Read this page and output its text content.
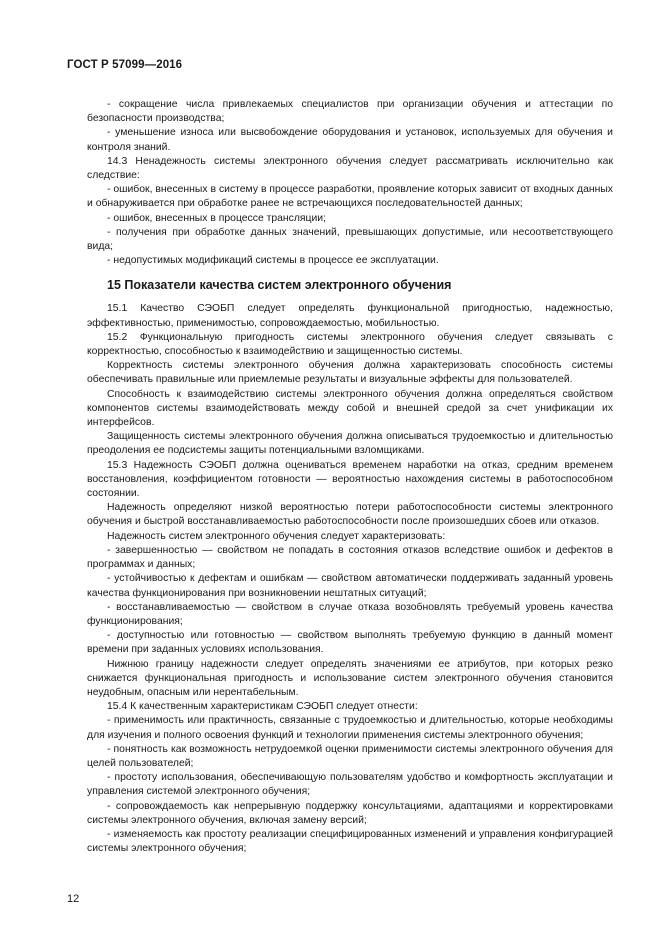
ГОСТ Р 57099—2016

- сокращение числа привлекаемых специалистов при организации обучения и аттестации по безопасности производства;

- уменьшение износа или высвобождение оборудования и установок, используемых для обучения и контроля знаний.

14.3 Ненадежность системы электронного обучения следует рассматривать исключительно как следствие:

- ошибок, внесенных в систему в процессе разработки, проявление которых зависит от входных данных и обнаруживается при обработке ранее не встречающихся последовательностей данных;

- ошибок, внесенных в процессе трансляции;

- получения при обработке данных значений, превышающих допустимые, или несоответствующего вида;

- недопустимых модификаций системы в процессе ее эксплуатации.

15 Показатели качества систем электронного обучения

15.1 Качество СЭОБП следует определять функциональной пригодностью, надежностью, эффективностью, применимостью, сопровождаемостью, мобильностью.

15.2 Функциональную пригодность системы электронного обучения следует связывать с корректностью, способностью к взаимодействию и защищенностью системы.

Корректность системы электронного обучения должна характеризовать способность системы обеспечивать правильные или приемлемые результаты и визуальные эффекты для пользователей.

Способность к взаимодействию системы электронного обучения должна определяться свойством компонентов системы взаимодействовать между собой и внешней средой за счет унификации их интерфейсов.

Защищенность системы электронного обучения должна описываться трудоемкостью и длительностью преодоления ее подсистемы защиты потенциальными взломщиками.

15.3 Надежность СЭОБП должна оцениваться временем наработки на отказ, средним временем восстановления, коэффициентом готовности — вероятностью нахождения системы в работоспособном состоянии.

Надежность определяют низкой вероятностью потери работоспособности системы электронного обучения и быстрой восстанавливаемостью работоспособности после произошедших сбоев или отказов.

Надежность систем электронного обучения следует характеризовать:

- завершенностью — свойством не попадать в состояния отказов вследствие ошибок и дефектов в программах и данных;

- устойчивостью к дефектам и ошибкам — свойством автоматически поддерживать заданный уровень качества функционирования при возникновении нештатных ситуаций;

- восстанавливаемостью — свойством в случае отказа возобновлять требуемый уровень качества функционирования;

- доступностью или готовностью — свойством выполнять требуемую функцию в данный момент времени при заданных условиях использования.

Нижнюю границу надежности следует определять значениями ее атрибутов, при которых резко снижается функциональная пригодность и использование систем электронного обучения становится неудобным, опасным или нерентабельным.

15.4 К качественным характеристикам СЭОБП следует отнести:

- применимость или практичность, связанные с трудоемкостью и длительностью, которые необходимы для изучения и полного освоения функций и технологии применения системы электронного обучения;

- понятность как возможность нетрудоемкой оценки применимости системы электронного обучения для целей пользователей;

- простоту использования, обеспечивающую пользователям удобство и комфортность эксплуатации и управления системой электронного обучения;

- сопровождаемость как непрерывную поддержку консультациями, адаптациями и корректировками системы электронного обучения, включая замену версий;

- изменяемость как простоту реализации специфицированных изменений и управления конфигурацией системы электронного обучения;

12
